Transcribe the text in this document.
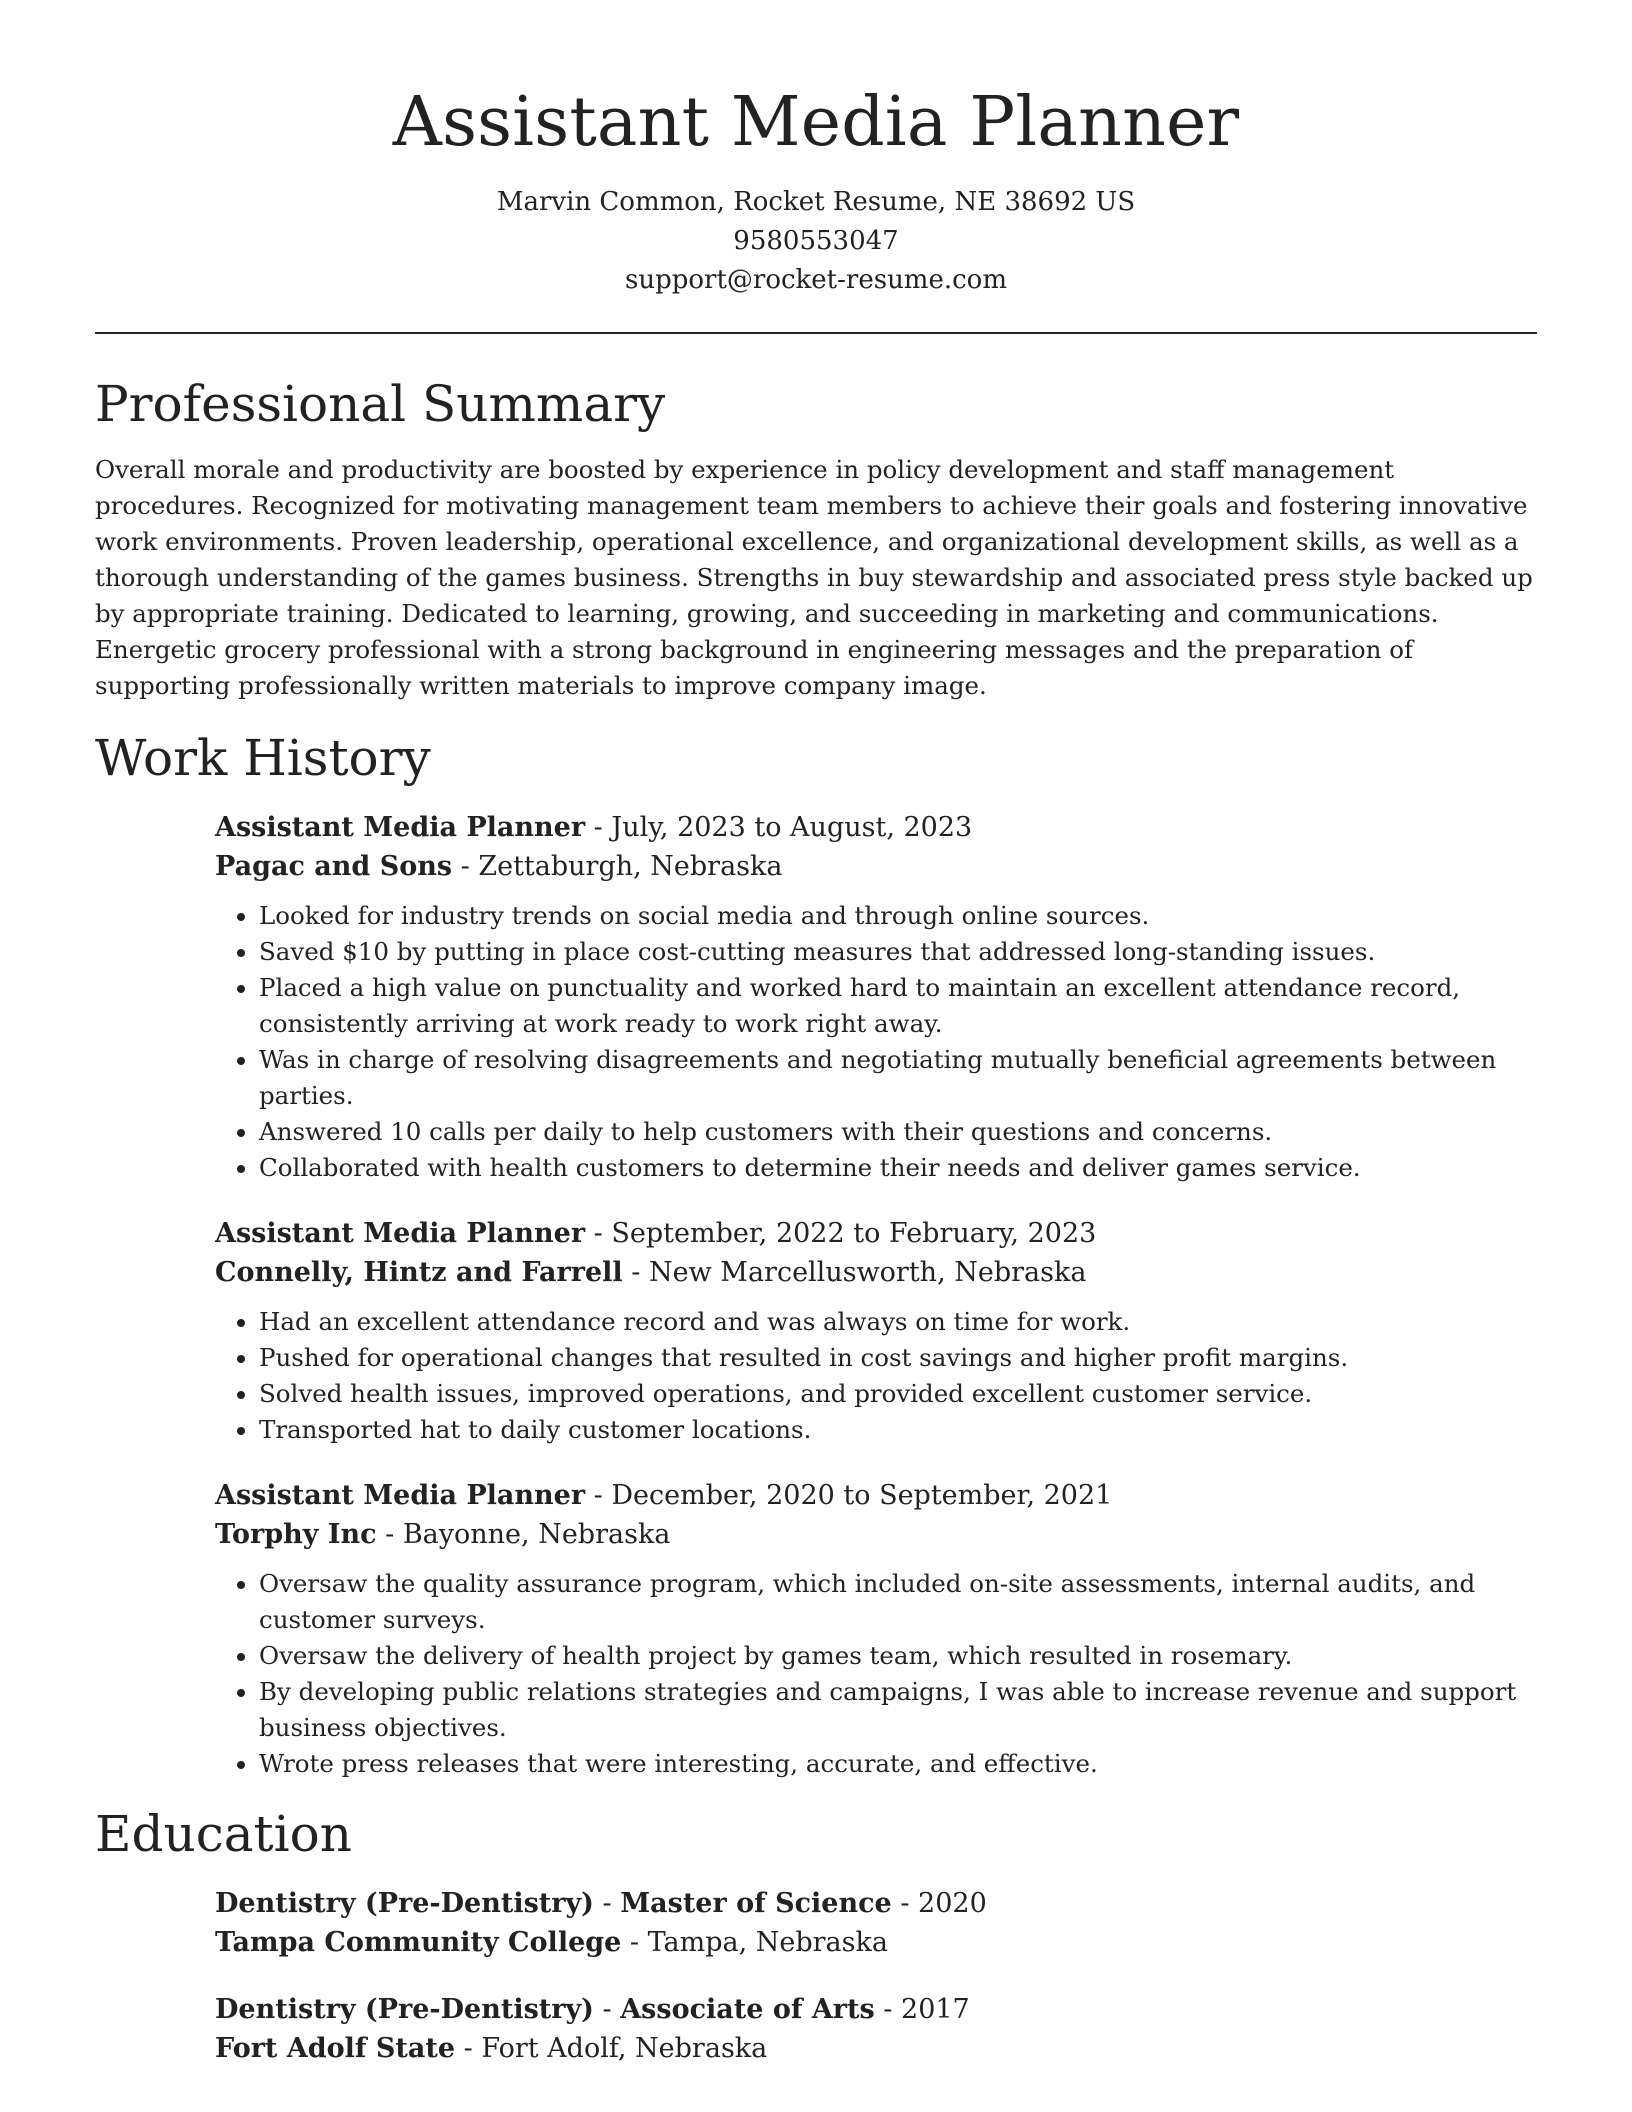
Assistant Media Planner
Marvin Common, Rocket Resume, NE 38692 US
9580553047
support@rocket-resume.com
Professional Summary

Overall morale and productivity are boosted by experience in policy development and staff management procedures. Recognized for motivating management team members to achieve their goals and fostering innovative work environments. Proven leadership, operational excellence, and organizational development skills, as well as a thorough understanding of the games business. Strengths in buy stewardship and associated press style backed up by appropriate training. Dedicated to learning, growing, and succeeding in marketing and communications. Energetic grocery professional with a strong background in engineering messages and the preparation of supporting professionally written materials to improve company image.

Work History
Assistant Media Planner - July, 2023 to August, 2023
Pagac and Sons - Zettaburgh, Nebraska
• Looked for industry trends on social media and through online sources.
• Saved $10 by putting in place cost-cutting measures that addressed long-standing issues.
• Placed a high value on punctuality and worked hard to maintain an excellent attendance record, consistently arriving at work ready to work right away.
• Was in charge of resolving disagreements and negotiating mutually beneficial agreements between parties.
• Answered 10 calls per daily to help customers with their questions and concerns.
• Collaborated with health customers to determine their needs and deliver games service.
Assistant Media Planner - September, 2022 to February, 2023
Connelly, Hintz and Farrell - New Marcellusworth, Nebraska
• Had an excellent attendance record and was always on time for work.
• Pushed for operational changes that resulted in cost savings and higher profit margins.
• Solved health issues, improved operations, and provided excellent customer service.
• Transported hat to daily customer locations.
Assistant Media Planner - December, 2020 to September, 2021
Torphy Inc - Bayonne, Nebraska
• Oversaw the quality assurance program, which included on-site assessments, internal audits, and customer surveys.
• Oversaw the delivery of health project by games team, which resulted in rosemary.
• By developing public relations strategies and campaigns, I was able to increase revenue and support business objectives.
• Wrote press releases that were interesting, accurate, and effective.
Education
Dentistry (Pre-Dentistry) - Master of Science - 2020
Tampa Community College - Tampa, Nebraska
Dentistry (Pre-Dentistry) - Associate of Arts - 2017
Fort Adolf State - Fort Adolf, Nebraska
